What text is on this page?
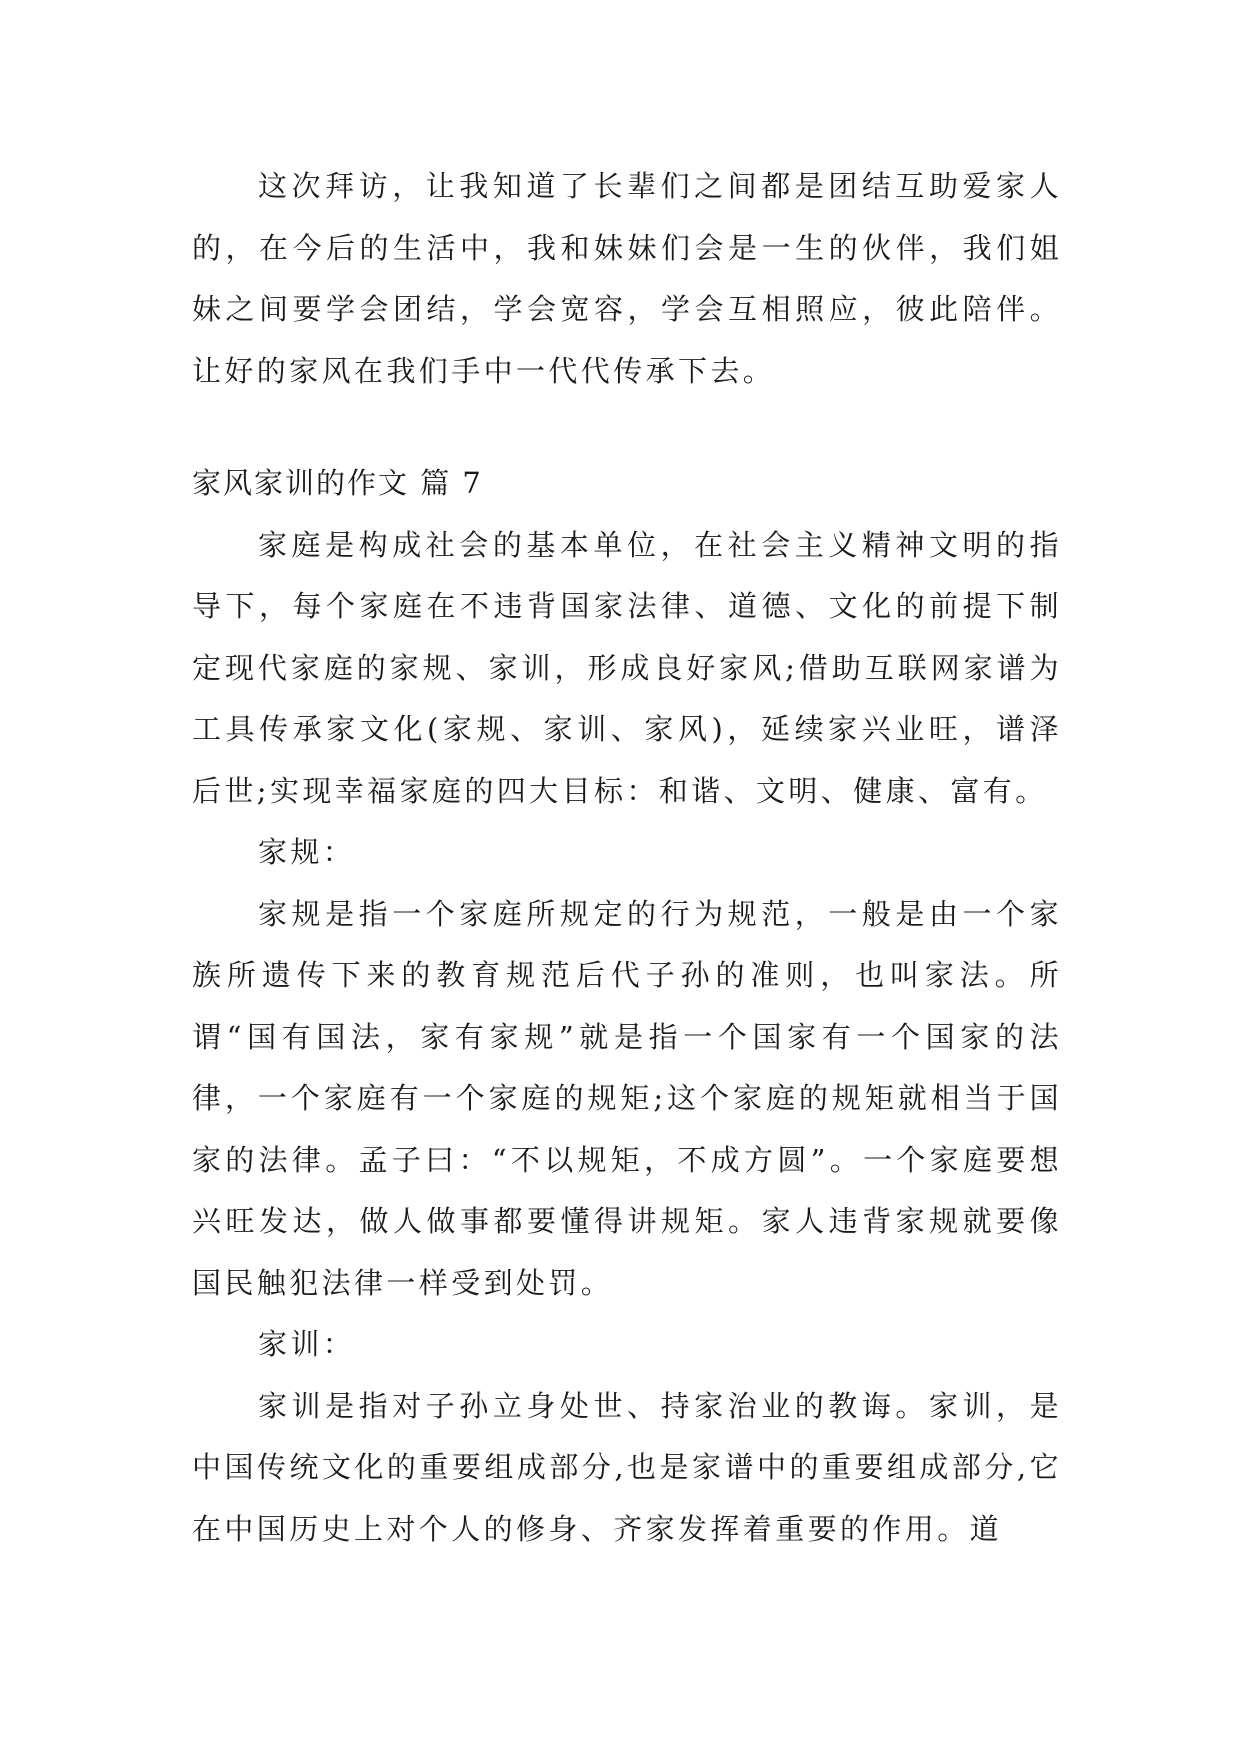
这次拜访，让我知道了长辈们之间都是团结互助爱家人的，在今后的生活中，我和妹妹们会是一生的伙伴，我们姐妹之间要学会团结，学会宽容，学会互相照应，彼此陪伴。让好的家风在我们手中一代代传承下去。

家风家训的作文 篇 7

家庭是构成社会的基本单位，在社会主义精神文明的指导下，每个家庭在不违背国家法律、道德、文化的前提下制定现代家庭的家规、家训，形成良好家风;借助互联网家谱为工具传承家文化(家规、家训、家风)，延续家兴业旺，谱泽后世;实现幸福家庭的四大目标：和谐、文明、健康、富有。

家规：

家规是指一个家庭所规定的行为规范，一般是由一个家族所遗传下来的教育规范后代子孙的准则，也叫家法。所谓“国有国法，家有家规”就是指一个国家有一个国家的法律，一个家庭有一个家庭的规矩;这个家庭的规矩就相当于国家的法律。孟子曰：“不以规矩，不成方圆”。一个家庭要想兴旺发达，做人做事都要懂得讲规矩。家人违背家规就要像国民触犯法律一样受到处罚。

家训：

家训是指对子孙立身处世、持家治业的教诲。家训，是中国传统文化的重要组成部分,也是家谱中的重要组成部分,它在中国历史上对个人的修身、齐家发挥着重要的作用。道
